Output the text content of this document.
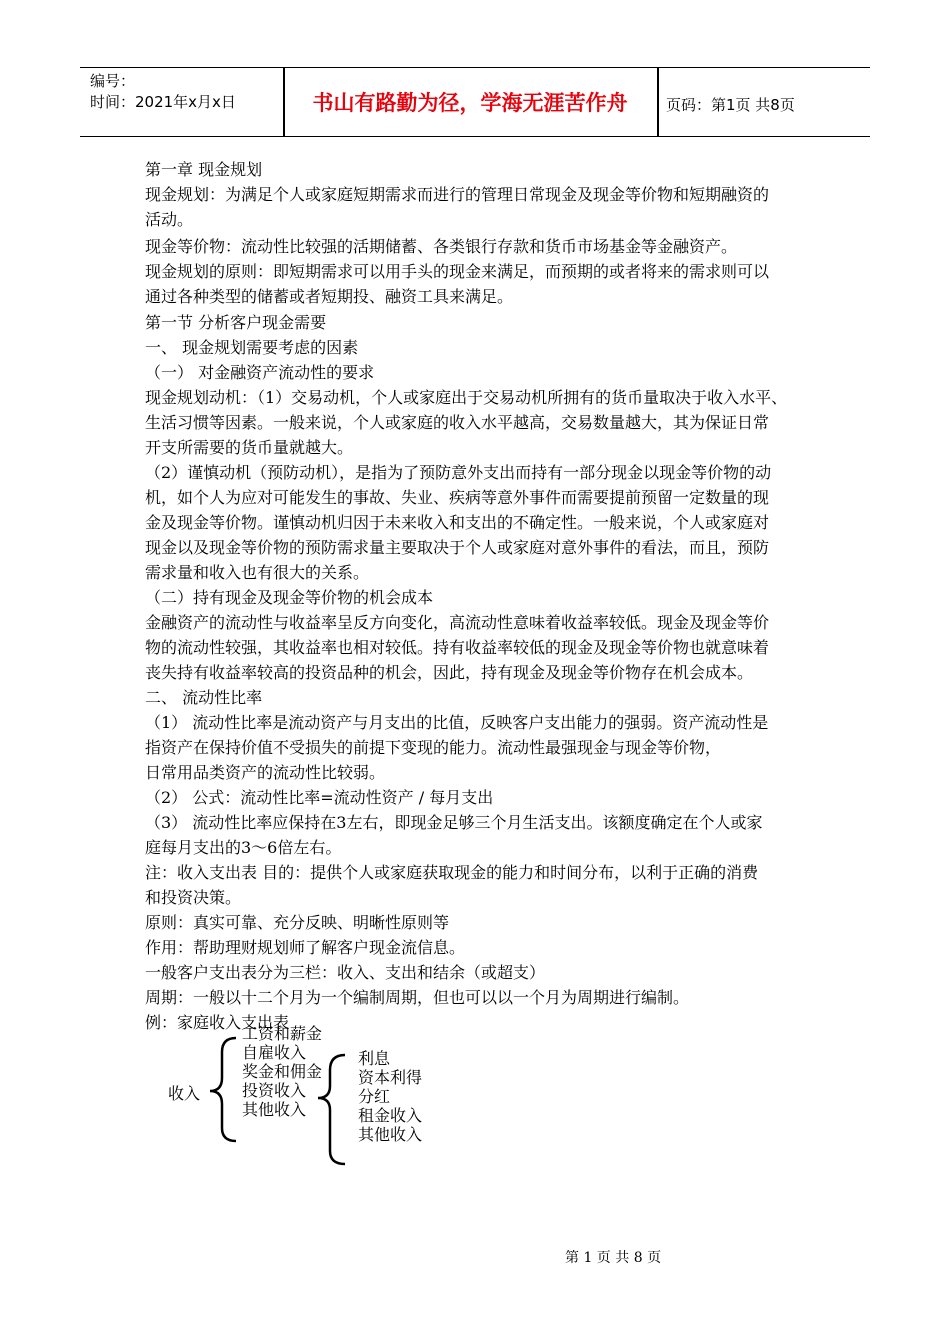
编号：
时间：2021年x月x日	书山有路勤为径，学海无涯苦作舟	页码：第1页 共8页
第一章 现金规划
现金规划：为满足个人或家庭短期需求而进行的管理日常现金及现金等价物和短期融资的
活动。
现金等价物：流动性比较强的活期储蓄、各类银行存款和货币市场基金等金融资产。
现金规划的原则：即短期需求可以用手头的现金来满足，而预期的或者将来的需求则可以
通过各种类型的储蓄或者短期投、融资工具来满足。
第一节 分析客户现金需要
一、 现金规划需要考虑的因素
（一） 对金融资产流动性的要求
现金规划动机：（1）交易动机，个人或家庭出于交易动机所拥有的货币量取决于收入水平、
生活习惯等因素。一般来说，个人或家庭的收入水平越高，交易数量越大，其为保证日常
开支所需要的货币量就越大。
（2）谨慎动机（预防动机），是指为了预防意外支出而持有一部分现金以现金等价物的动
机，如个人为应对可能发生的事故、失业、疾病等意外事件而需要提前预留一定数量的现
金及现金等价物。谨慎动机归因于未来收入和支出的不确定性。一般来说，个人或家庭对
现金以及现金等价物的预防需求量主要取决于个人或家庭对意外事件的看法，而且，预防
需求量和收入也有很大的关系。
（二）持有现金及现金等价物的机会成本
金融资产的流动性与收益率呈反方向变化，高流动性意味着收益率较低。现金及现金等价
物的流动性较强，其收益率也相对较低。持有收益率较低的现金及现金等价物也就意味着
丧失持有收益率较高的投资品种的机会，因此，持有现金及现金等价物存在机会成本。
二、 流动性比率
（1） 流动性比率是流动资产与月支出的比值，反映客户支出能力的强弱。资产流动性是
指资产在保持价值不受损失的前提下变现的能力。流动性最强现金与现金等价物，
日常用品类资产的流动性比较弱。
（2） 公式：流动性比率=流动性资产 / 每月支出
（3） 流动性比率应保持在3左右，即现金足够三个月生活支出。该额度确定在个人或家
庭每月支出的3～6倍左右。
注：收入支出表 目的：提供个人或家庭获取现金的能力和时间分布，以利于正确的消费
和投资决策。
原则：真实可靠、充分反映、明晰性原则等
作用：帮助理财规划师了解客户现金流信息。
一般客户支出表分为三栏：收入、支出和结余（或超支）
周期：一般以十二个月为一个编制周期，但也可以以一个月为周期进行编制。
例：家庭收入支出表
收入
工资和薪金
自雇收入
奖金和佣金
投资收入
其他收入
利息
资本利得
分红
租金收入
其他收入
第 1 页 共 8 页
